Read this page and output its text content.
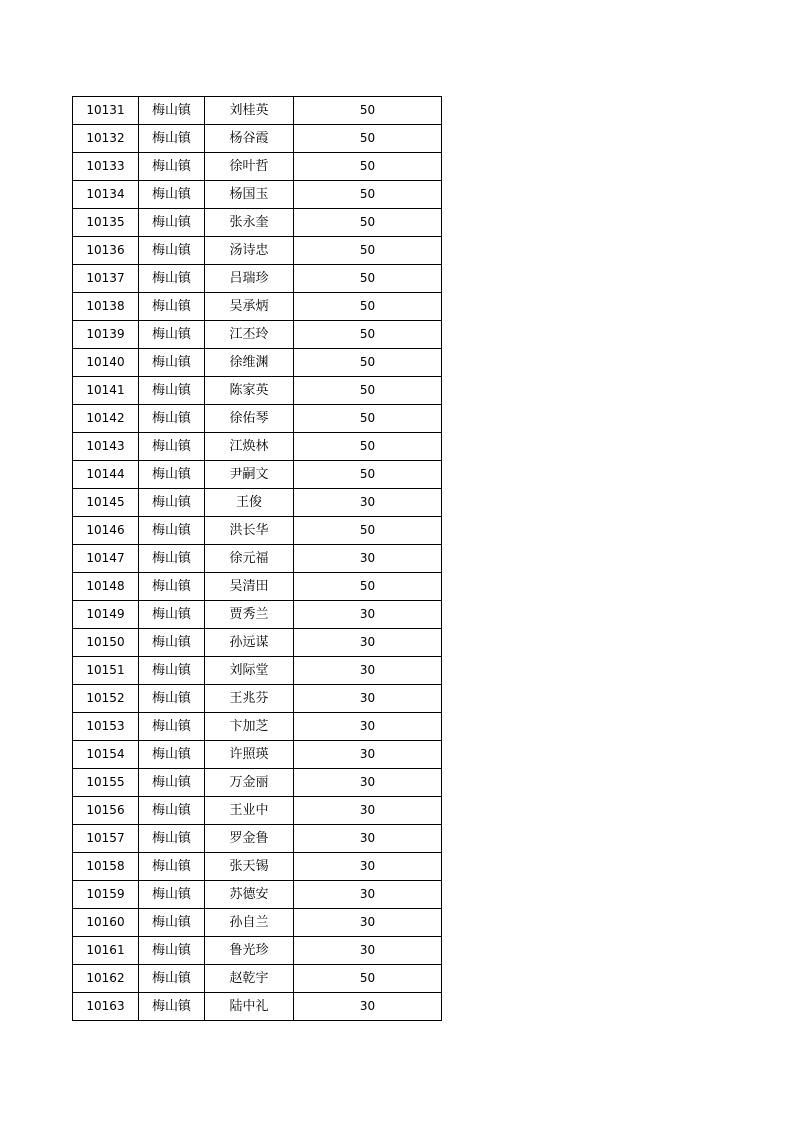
10131	梅山镇	刘桂英	50
10132	梅山镇	杨谷霞	50
10133	梅山镇	徐叶哲	50
10134	梅山镇	杨国玉	50
10135	梅山镇	张永奎	50
10136	梅山镇	汤诗忠	50
10137	梅山镇	吕瑞珍	50
10138	梅山镇	吴承炳	50
10139	梅山镇	江丕玲	50
10140	梅山镇	徐维渊	50
10141	梅山镇	陈家英	50
10142	梅山镇	徐佑琴	50
10143	梅山镇	江焕林	50
10144	梅山镇	尹嗣文	50
10145	梅山镇	王俊	30
10146	梅山镇	洪长华	50
10147	梅山镇	徐元福	30
10148	梅山镇	吴清田	50
10149	梅山镇	贾秀兰	30
10150	梅山镇	孙远谋	30
10151	梅山镇	刘际堂	30
10152	梅山镇	王兆芬	30
10153	梅山镇	卞加芝	30
10154	梅山镇	许照瑛	30
10155	梅山镇	万金丽	30
10156	梅山镇	王业中	30
10157	梅山镇	罗金鲁	30
10158	梅山镇	张天锡	30
10159	梅山镇	苏德安	30
10160	梅山镇	孙自兰	30
10161	梅山镇	鲁光珍	30
10162	梅山镇	赵乾宇	50
10163	梅山镇	陆中礼	30
